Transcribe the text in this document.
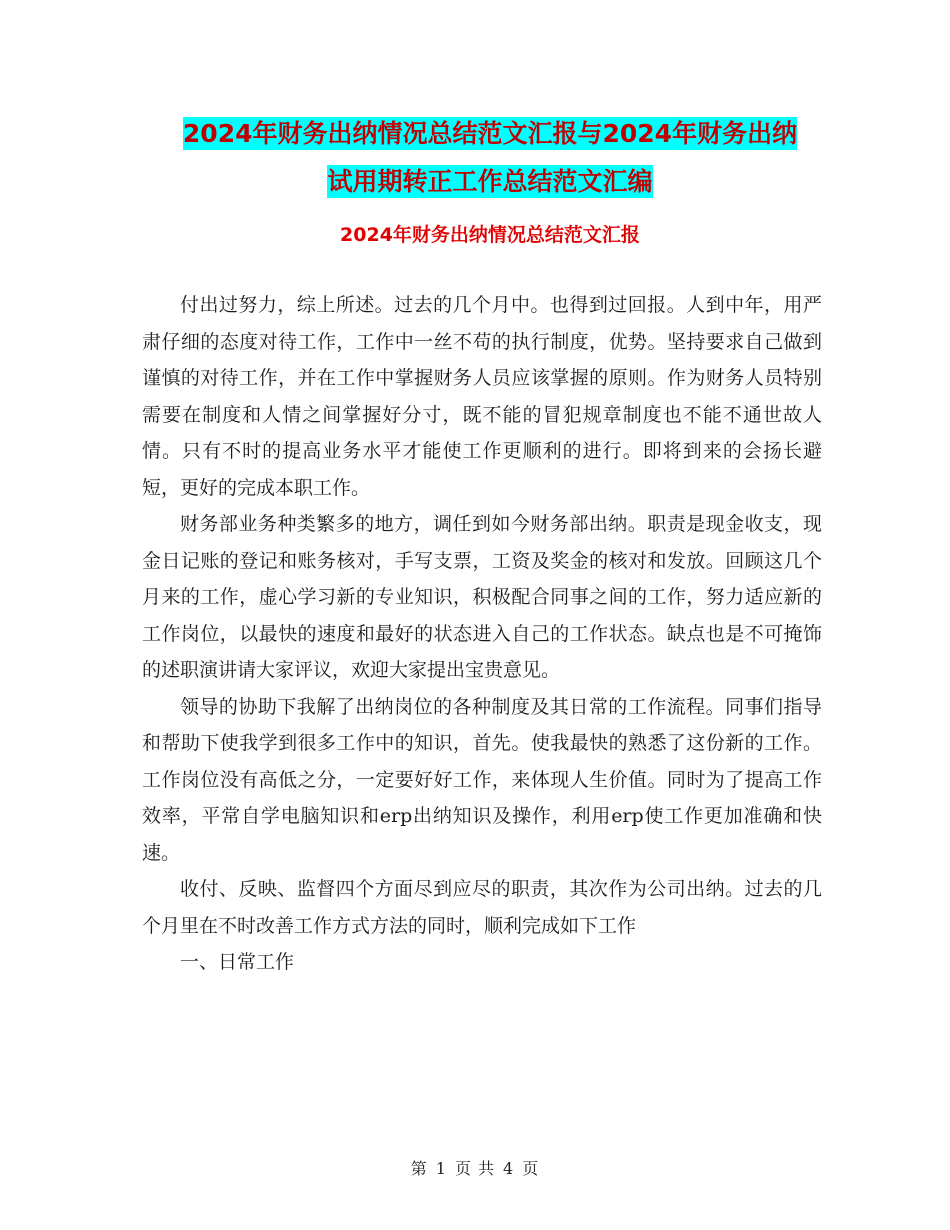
2024年财务出纳情况总结范文汇报与2024年财务出纳
试用期转正工作总结范文汇编
2024年财务出纳情况总结范文汇报

付出过努力，综上所述。过去的几个月中。也得到过回报。人到中年，用严肃仔细的态度对待工作，工作中一丝不苟的执行制度，优势。坚持要求自己做到谨慎的对待工作，并在工作中掌握财务人员应该掌握的原则。作为财务人员特别需要在制度和人情之间掌握好分寸，既不能的冒犯规章制度也不能不通世故人情。只有不时的提高业务水平才能使工作更顺利的进行。即将到来的会扬长避短，更好的完成本职工作。

财务部业务种类繁多的地方，调任到如今财务部出纳。职责是现金收支，现金日记账的登记和账务核对，手写支票，工资及奖金的核对和发放。回顾这几个月来的工作，虚心学习新的专业知识，积极配合同事之间的工作，努力适应新的工作岗位，以最快的速度和最好的状态进入自己的工作状态。缺点也是不可掩饰的述职演讲请大家评议，欢迎大家提出宝贵意见。

领导的协助下我解了出纳岗位的各种制度及其日常的工作流程。同事们指导和帮助下使我学到很多工作中的知识，首先。使我最快的熟悉了这份新的工作。工作岗位没有高低之分，一定要好好工作，来体现人生价值。同时为了提高工作效率，平常自学电脑知识和erp出纳知识及操作，利用erp使工作更加准确和快速。

收付、反映、监督四个方面尽到应尽的职责，其次作为公司出纳。过去的几个月里在不时改善工作方式方法的同时，顺利完成如下工作

一、日常工作

第 1 页 共 4 页
